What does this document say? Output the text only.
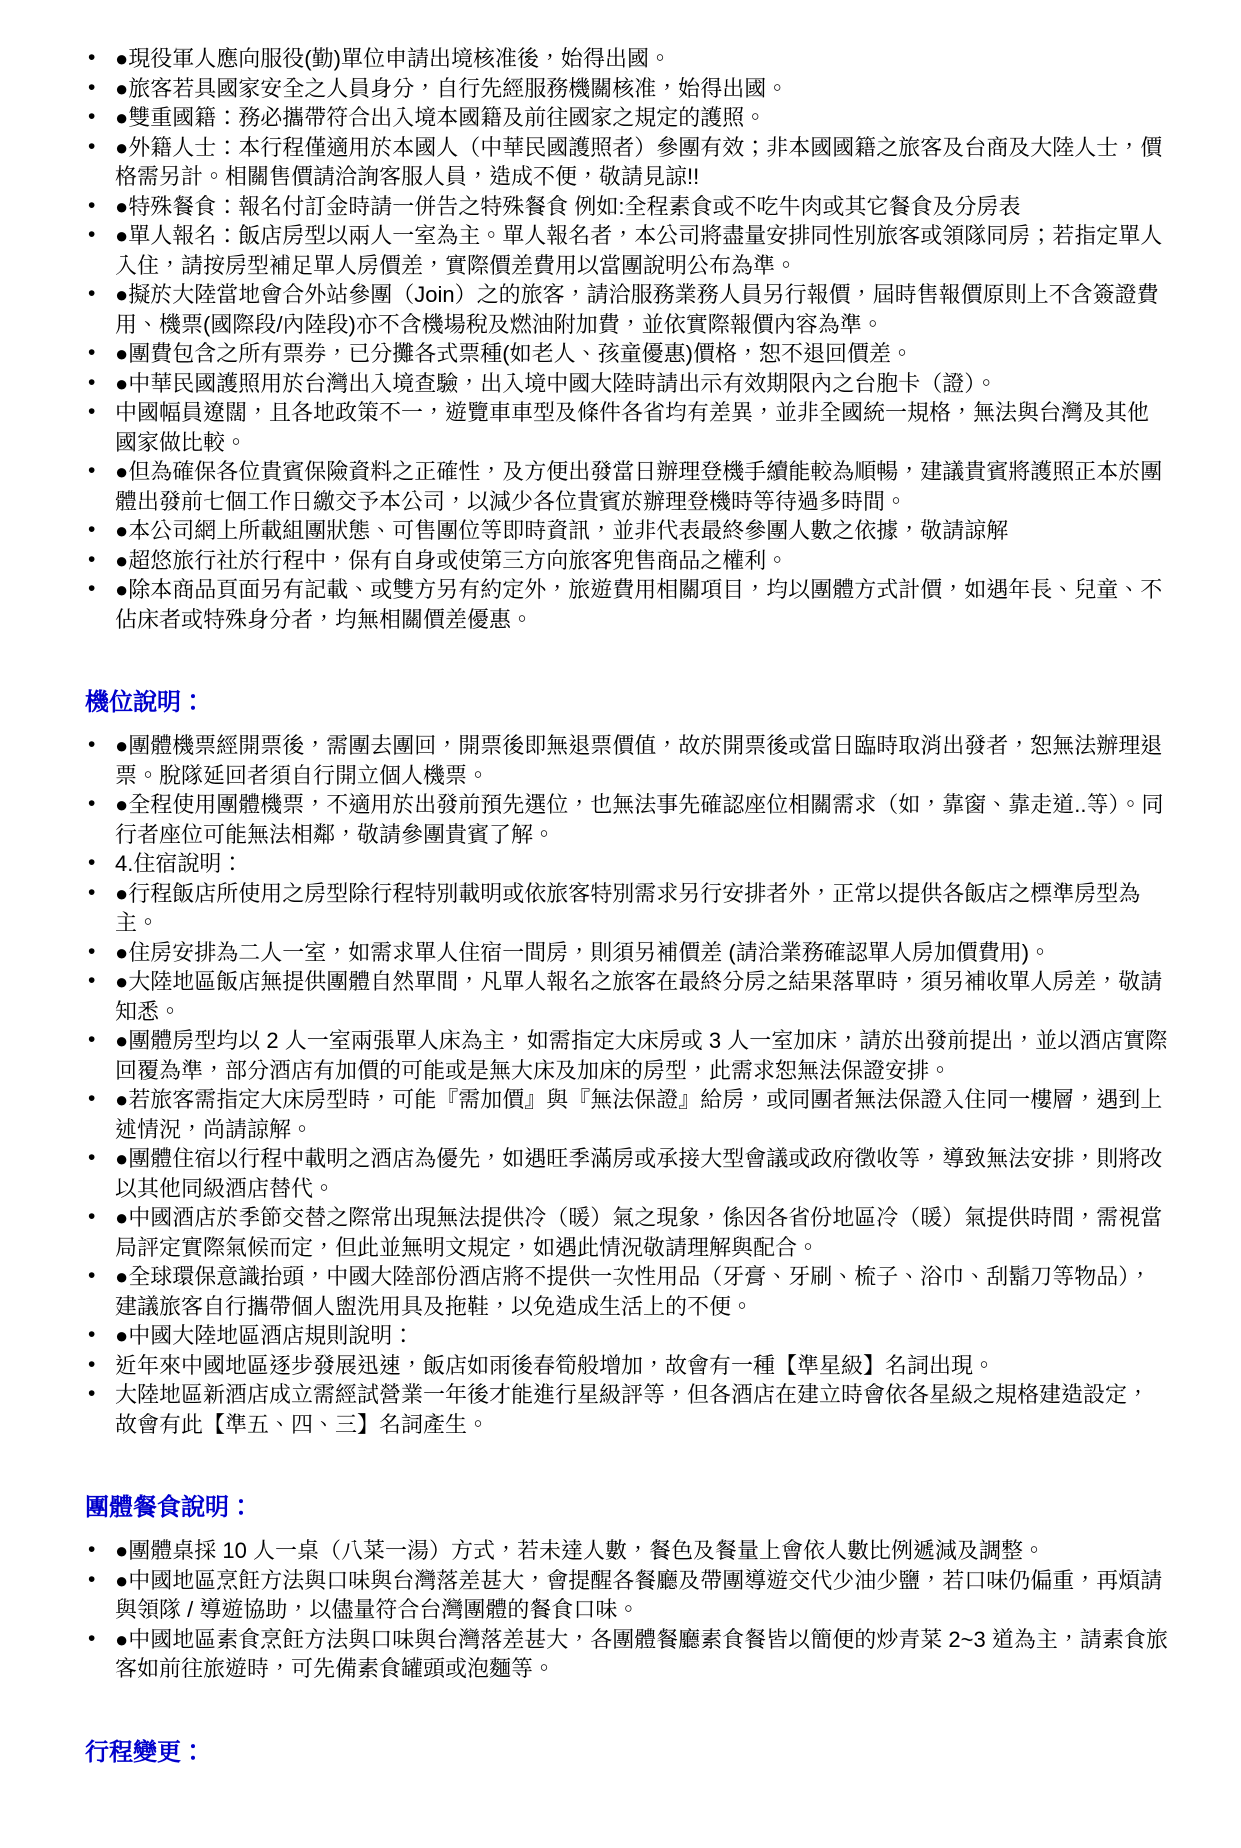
• ●現役軍人應向服役(勤)單位申請出境核准後，始得出國。
• ●旅客若具國家安全之人員身分，自行先經服務機關核准，始得出國。
• ●雙重國籍：務必攜帶符合出入境本國籍及前往國家之規定的護照。
• ●外籍人士：本行程僅適用於本國人（中華民國護照者）參團有效；非本國國籍之旅客及台商及大陸人士，價格需另計。相關售價請洽詢客服人員，造成不便，敬請見諒!!
• ●特殊餐食：報名付訂金時請一併告之特殊餐食 例如:全程素食或不吃牛肉或其它餐食及分房表
• ●單人報名：飯店房型以兩人一室為主。單人報名者，本公司將盡量安排同性別旅客或領隊同房；若指定單人入住，請按房型補足單人房價差，實際價差費用以當團說明公布為準。
• ●擬於大陸當地會合外站參團（Join）之的旅客，請洽服務業務人員另行報價，屆時售報價原則上不含簽證費用、機票(國際段/內陸段)亦不含機場稅及燃油附加費，並依實際報價內容為準。
• ●團費包含之所有票券，已分攤各式票種(如老人、孩童優惠)價格，恕不退回價差。
• ●中華民國護照用於台灣出入境查驗，出入境中國大陸時請出示有效期限內之台胞卡（證）。
• 中國幅員遼闊，且各地政策不一，遊覽車車型及條件各省均有差異，並非全國統一規格，無法與台灣及其他國家做比較。
• ●但為確保各位貴賓保險資料之正確性，及方便出發當日辦理登機手續能較為順暢，建議貴賓將護照正本於團體出發前七個工作日繳交予本公司，以減少各位貴賓於辦理登機時等待過多時間。
• ●本公司網上所載組團狀態、可售團位等即時資訊，並非代表最終參團人數之依據，敬請諒解
• ●超悠旅行社於行程中，保有自身或使第三方向旅客兜售商品之權利。
• ●除本商品頁面另有記載、或雙方另有約定外，旅遊費用相關項目，均以團體方式計價，如遇年長、兒童、不佔床者或特殊身分者，均無相關價差優惠。
機位說明：
• ●團體機票經開票後，需團去團回，開票後即無退票價值，故於開票後或當日臨時取消出發者，恕無法辦理退票。脫隊延回者須自行開立個人機票。
• ●全程使用團體機票，不適用於出發前預先選位，也無法事先確認座位相關需求（如，靠窗、靠走道..等）。同行者座位可能無法相鄰，敬請參團貴賓了解。
• 4.住宿說明：
• ●行程飯店所使用之房型除行程特別載明或依旅客特別需求另行安排者外，正常以提供各飯店之標準房型為主。
• ●住房安排為二人一室，如需求單人住宿一間房，則須另補價差 (請洽業務確認單人房加價費用)。
• ●大陸地區飯店無提供團體自然單間，凡單人報名之旅客在最終分房之結果落單時，須另補收單人房差，敬請知悉。
• ●團體房型均以 2 人一室兩張單人床為主，如需指定大床房或 3 人一室加床，請於出發前提出，並以酒店實際回覆為準，部分酒店有加價的可能或是無大床及加床的房型，此需求恕無法保證安排。
• ●若旅客需指定大床房型時，可能『需加價』與『無法保證』給房，或同團者無法保證入住同一樓層，遇到上述情況，尚請諒解。
• ●團體住宿以行程中載明之酒店為優先，如遇旺季滿房或承接大型會議或政府徵收等，導致無法安排，則將改以其他同級酒店替代。
• ●中國酒店於季節交替之際常出現無法提供冷（暖）氣之現象，係因各省份地區冷（暖）氣提供時間，需視當局評定實際氣候而定，但此並無明文規定，如遇此情況敬請理解與配合。
• ●全球環保意識抬頭，中國大陸部份酒店將不提供一次性用品（牙膏、牙刷、梳子、浴巾、刮鬍刀等物品），建議旅客自行攜帶個人盥洗用具及拖鞋，以免造成生活上的不便。
• ●中國大陸地區酒店規則說明：
• 近年來中國地區逐步發展迅速，飯店如雨後春筍般增加，故會有一種【準星級】名詞出現。
• 大陸地區新酒店成立需經試營業一年後才能進行星級評等，但各酒店在建立時會依各星級之規格建造設定，故會有此【準五、四、三】名詞產生。
團體餐食說明：
• ●團體桌採 10 人一桌（八菜一湯）方式，若未達人數，餐色及餐量上會依人數比例遞減及調整。
• ●中國地區烹飪方法與口味與台灣落差甚大，會提醒各餐廳及帶團導遊交代少油少鹽，若口味仍偏重，再煩請與領隊 / 導遊協助，以儘量符合台灣團體的餐食口味。
• ●中國地區素食烹飪方法與口味與台灣落差甚大，各團體餐廳素食餐皆以簡便的炒青菜 2~3 道為主，請素食旅客如前往旅遊時，可先備素食罐頭或泡麵等。
行程變更：
